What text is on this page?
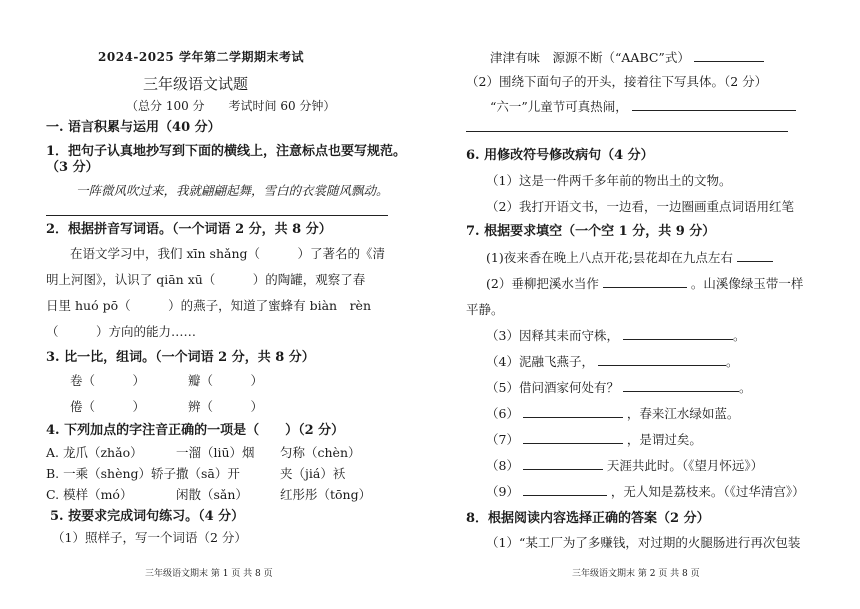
2024-2025 学年第二学期期末考试
三年级语文试题
（总分 100 分　　考试时间 60 分钟）
一. 语言积累与运用（40 分）
1．把句子认真地抄写到下面的横线上，注意标点也要写规范。
（3 分）
一阵微风吹过来，我就翩翩起舞，雪白的衣裳随风飘动。
2．根据拼音写词语。（一个词语 2 分，共 8 分）
在语文学习中，我们 xīn shǎng（　　　）了著名的《清
明上河图》，认识了 qiān xū（　　　）的陶罐，观察了春
日里 huó pō（　　　）的燕子，知道了蜜蜂有 biàn　rèn
（　　　）方向的能力……
3. 比一比，组词。（一个词语 2 分，共 8 分）
卷（　　　）	瓣（　　　）
倦（　　　）	辨（　　　）
4. 下列加点的字注音正确的一项是（　　）（2 分）
A. 龙爪（zhǎo）	一溜（liū）烟 匀称（chèn）
B. 一乘（shèng）轿子 撒（sā）开	夹（jiá）袄
C. 模样（mó）	闲散（sǎn）	红彤彤（tōng）
5. 按要求完成词句练习。（4 分）
（1）照样子，写一个词语（2 分）
三年级语文期末 第 1 页 共 8 页
津津有味　源源不断（“AABC”式）
（2）围绕下面句子的开头，接着往下写具体。（2 分）
“六一”儿童节可真热闹，
6. 用修改符号修改病句（4 分）
（1）这是一件两千多年前的物出土的文物。
（2）我打开语文书，一边看，一边圈画重点词语用红笔
7. 根据要求填空（一个空 1 分，共 9 分）
(1)夜来香在晚上八点开花;昙花却在九点左右
(2）垂柳把溪水当作	。山溪像绿玉带一样
平静。
（3）因释其耒而守株，	。
（4）泥融飞燕子，	。
（5）借问酒家何处有？	。
（6）	，春来江水绿如蓝。
（7）	，是谓过矣。
（8）	天涯共此时。（《望月怀远》）
（9）	，无人知是荔枝来。（《过华清宫》）
8．根据阅读内容选择正确的答案（2 分）
（1）“某工厂为了多赚钱，对过期的火腿肠进行再次包装
三年级语文期末 第 2 页 共 8 页
